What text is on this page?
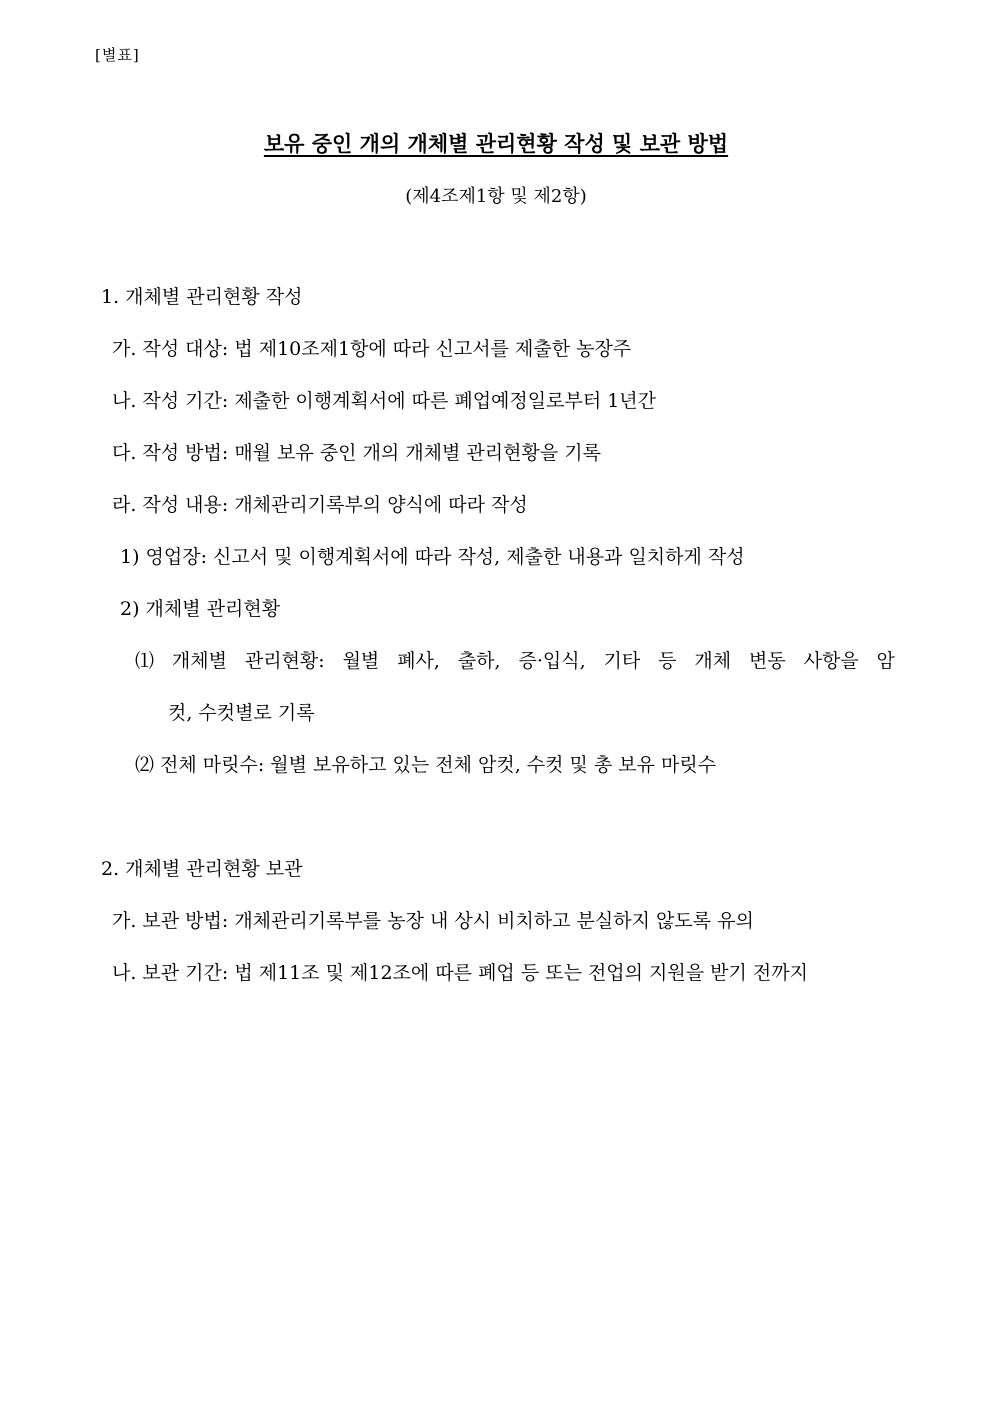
[별표]
보유 중인 개의 개체별 관리현황 작성 및 보관 방법
(제4조제1항 및 제2항)
1. 개체별 관리현황 작성
가. 작성 대상: 법 제10조제1항에 따라 신고서를 제출한 농장주
나. 작성 기간: 제출한 이행계획서에 따른 폐업예정일로부터 1년간
다. 작성 방법: 매월 보유 중인 개의 개체별 관리현황을 기록
라. 작성 내용: 개체관리기록부의 양식에 따라 작성
1) 영업장: 신고서 및 이행계획서에 따라 작성, 제출한 내용과 일치하게 작성
2) 개체별 관리현황
⑴ 개체별 관리현황: 월별 폐사, 출하, 증·입식, 기타 등 개체 변동 사항을 암
컷, 수컷별로 기록
⑵ 전체 마릿수: 월별 보유하고 있는 전체 암컷, 수컷 및 총 보유 마릿수
2. 개체별 관리현황 보관
가. 보관 방법: 개체관리기록부를 농장 내 상시 비치하고 분실하지 않도록 유의
나. 보관 기간: 법 제11조 및 제12조에 따른 폐업 등 또는 전업의 지원을 받기 전까지
